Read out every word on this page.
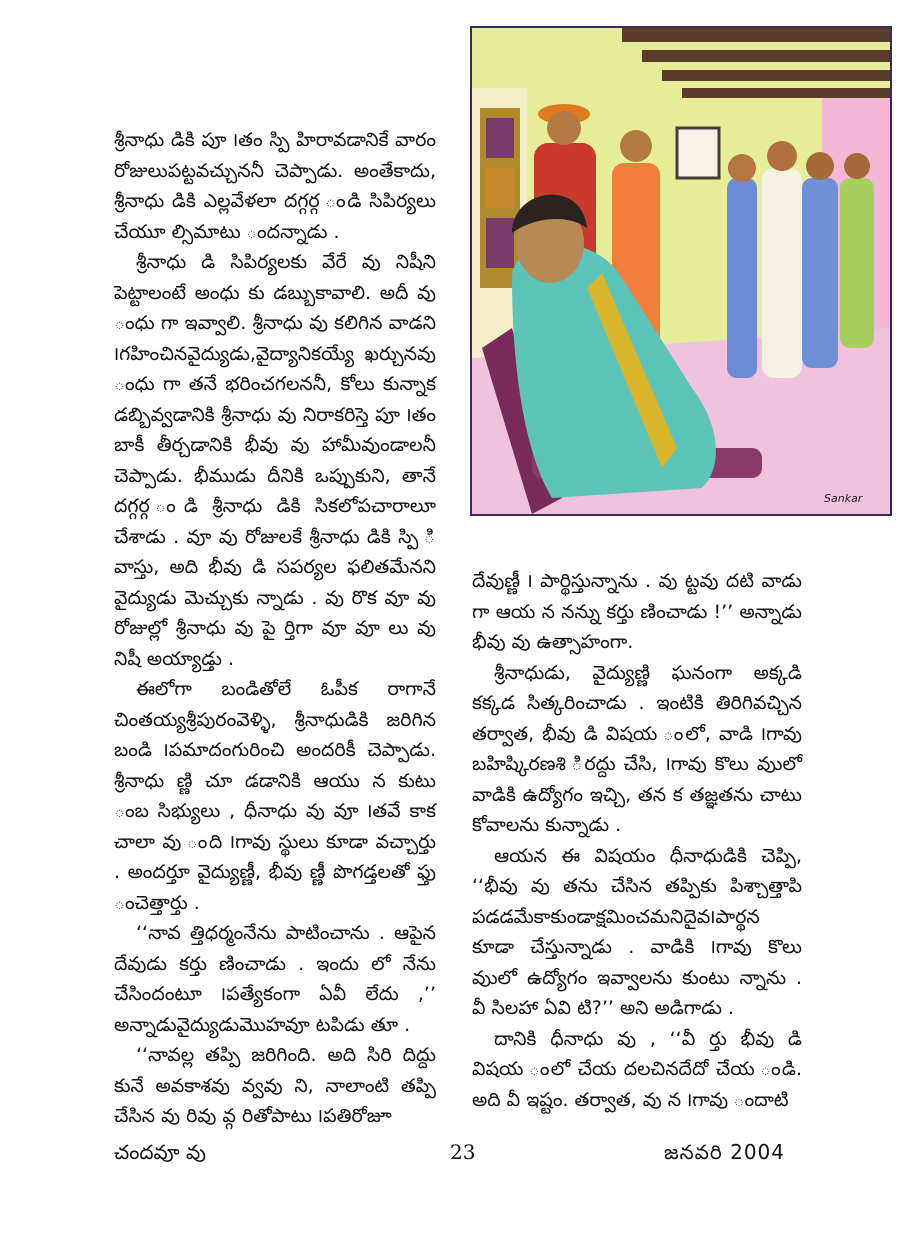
Sankar

శ్రీనాధు డికి పూ ౹తం స్పి హిరావడానికే వారం రోజులుపట్టవచ్చుననీ చెప్పాడు. అంతేకాదు, శ్రీనాధు డికి ఎల్లవేళలా దగ్గర్గ ండి సిపిర్యలు చేయూ ల్సిమాటు ందన్నాడు .

శ్రీనాధు డి సిపిర్యలకు వేరే వు నిషీని పెట్టాలంటే అంధు కు డబ్బుకావాలి. అదీ వు ంధు గా ఇవ్వాలి. శ్రీనాధు వు కలిగిన వాడని ౹గహించినవైద్యుడు,వైద్యానికయ్యే ఖర్చునవు ంధు గా తనే భరించగలననీ, కోలు కున్నాక డబ్బివ్వడానికి శ్రీనాధు వు నిరాకరిస్తె పూ ౹తం బాకీ తీర్చడానికి భీవు వు హామీవుండాలనీ చెప్పాడు. భీముడు దీనికి ఒప్పుకుని, తానే దగ్గర్గ ండి శ్రీనాధు డికి సికలోపచారాలూ చేశాడు . వూ వు రోజులకే శ్రీనాధు డికి స్పి ి వాస్తు, అది భీవు డి సపర్యల ఫలితమేనని వైద్యుడు మెచ్చుకు న్నాడు . వు రొక వూ వు రోజుల్లో శ్రీనాధు వు పై ర్తిగా వూ వూ లు వు నిషీ అయ్యాడ్తు .

ఈలోగా బండితోలే ఓపీక రాగానే చింతయ్యశ్రీపురంవెళ్ళి, శ్రీనాధుడికి జరిగిన బండి ౹పమాదంగురించి అందరికీ చెప్పాడు. శ్రీనాధు ణ్ణి చూ డడానికి ఆయు న కుటు ంబ సిభ్యులు , ధీనాధు వు వూ ౹తవే కాక చాలా వు ంది ౹గావు స్థులు కూడా వచ్చార్తు . అందర్తూ వైద్యుణ్ణీ, భీవు ణ్ణీ పొగడ్తలతో ఫ్తు ంచెత్తార్తు .

‘‘నావ త్తిధర్మంనేను పాటించాను . ఆపైన దేవుడు కర్తు ణించాడు . ఇందు లో నేను చేసిందంటూ ౹పత్యేకంగా ఏవీ లేదు ,’’ అన్నాడువైద్యుడుమొహవూ టపిడు తూ .

‘‘నావల్ల తప్పి జరిగింది. అది సిరి దిద్దు కునే అవకాశవు వ్వవు ని, నాలాంటి తప్పి చేసిన వు రివు వ్గ రితోపాటు ౹పతిరోజూ

దేవుణ్ణీ ౹ పార్థిస్తున్నాను . వు ట్టవు దటి వాడు గా ఆయ న నన్ను కర్తు ణించాడు !’’ అన్నాడు భీవు వు ఉత్సాహంగా.

శ్రీనాధుడు, వైద్యుణ్ణి ఘనంగా అక్కడి కక్కడ సిత్కరించాడు . ఇంటికి తిరిగివచ్చిన తర్వాత, భీవు డి విషయ ంలో, వాడి ౹గావు బహిష్కిరణశి ిరద్దు చేసి, ౹గావు కొలు వుులో వాడికి ఉద్యోగం ఇచ్చి, తన క తజ్ఞతను చాటు కోవాలను కున్నాడు .

ఆయన ఈ విషయం ధీనాధుడికి చెప్పి, ‘‘భీవు వు తను చేసిన తప్పికు పిశ్చాత్తాపి పడడమేకాకుండాక్షమించమనిదైవ౹పార్థన కూడా చేస్తున్నాడు . వాడికి ౹గావు కొలు వుులో ఉద్యోగం ఇవ్వాలను కుంటు న్నాను . వీ సిలహా ఏవి టి?’’ అని అడిగాడు .

దానికి ధీనాధు వు , ‘‘వీ ర్తు భీవు డి విషయ ంలో చేయ దలచినదేదో చేయ ండి. అది వీ ఇష్టం. తర్వాత, వు న ౹గావు ందాటి

చందవూ వు	23	జనవరి 2004
